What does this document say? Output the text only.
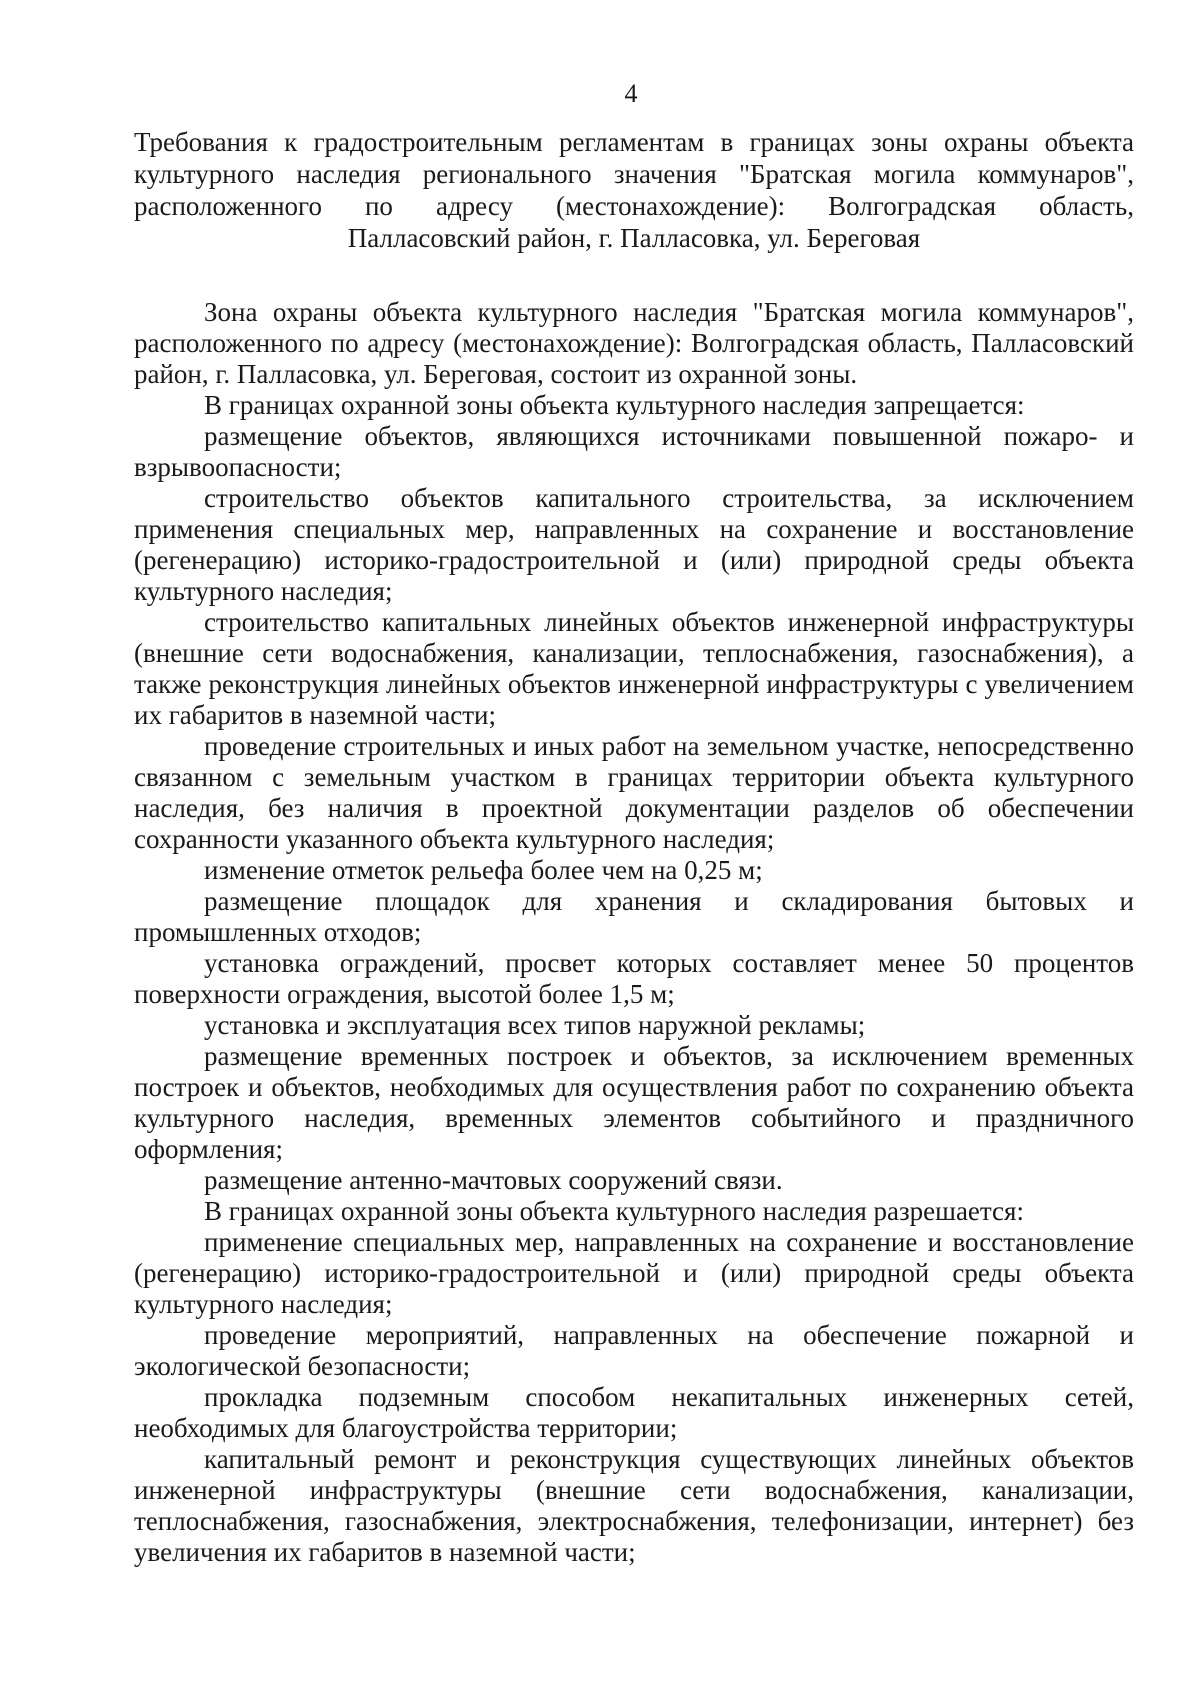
4

Требования к градостроительным регламентам в границах зоны охраны объекта

культурного наследия регионального значения "Братская могила коммунаров",

расположенного по адресу (местонахождение): Волгоградская область,

Палласовский район, г. Палласовка, ул. Береговая

Зона охраны объекта культурного наследия "Братская могила коммунаров", расположенного по адресу (местонахождение): Волгоградская область, Палласовский район, г. Палласовка, ул. Береговая, состоит из охранной зоны.

В границах охранной зоны объекта культурного наследия запрещается:

размещение объектов, являющихся источниками повышенной пожаро- и взрывоопасности;

строительство объектов капитального строительства, за исключением применения специальных мер, направленных на сохранение и восстановление (регенерацию) историко-градостроительной и (или) природной среды объекта культурного наследия;

строительство капитальных линейных объектов инженерной инфраструктуры (внешние сети водоснабжения, канализации, теплоснабжения, газоснабжения), а также реконструкция линейных объектов инженерной инфраструктуры с увеличением их габаритов в наземной части;

проведение строительных и иных работ на земельном участке, непосредственно связанном с земельным участком в границах территории объекта культурного наследия, без наличия в проектной документации разделов об обеспечении сохранности указанного объекта культурного наследия;

изменение отметок рельефа более чем на 0,25 м;

размещение площадок для хранения и складирования бытовых и промышленных отходов;

установка ограждений, просвет которых составляет менее 50 процентов поверхности ограждения, высотой более 1,5 м;

установка и эксплуатация всех типов наружной рекламы;

размещение временных построек и объектов, за исключением временных построек и объектов, необходимых для осуществления работ по сохранению объекта культурного наследия, временных элементов событийного и праздничного оформления;

размещение антенно-мачтовых сооружений связи.

В границах охранной зоны объекта культурного наследия разрешается:

применение специальных мер, направленных на сохранение и восстановление (регенерацию) историко-градостроительной и (или) природной среды объекта культурного наследия;

проведение мероприятий, направленных на обеспечение пожарной и экологической безопасности;

прокладка подземным способом некапитальных инженерных сетей, необходимых для благоустройства территории;

капитальный ремонт и реконструкция существующих линейных объектов инженерной инфраструктуры (внешние сети водоснабжения, канализации, теплоснабжения, газоснабжения, электроснабжения, телефонизации, интернет) без увеличения их габаритов в наземной части;
